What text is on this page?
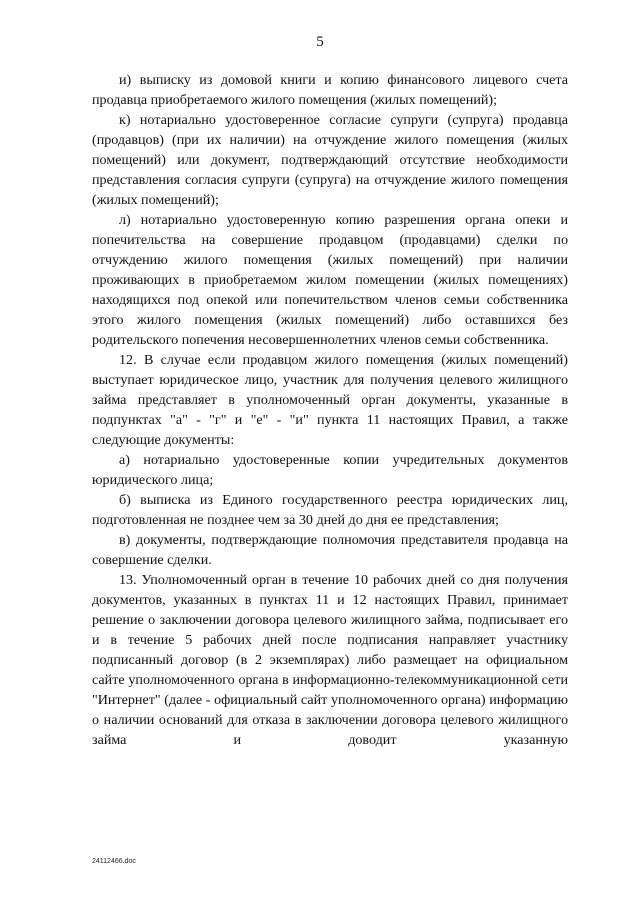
5

и) выписку из домовой книги и копию финансового лицевого счета продавца приобретаемого жилого помещения (жилых помещений);

к) нотариально удостоверенное согласие супруги (супруга) продавца (продавцов) (при их наличии) на отчуждение жилого помещения (жилых помещений) или документ, подтверждающий отсутствие необходимости представления согласия супруги (супруга) на отчуждение жилого помещения (жилых помещений);

л) нотариально удостоверенную копию разрешения органа опеки и попечительства на совершение продавцом (продавцами) сделки по отчуждению жилого помещения (жилых помещений) при наличии проживающих в приобретаемом жилом помещении (жилых помещениях) находящихся под опекой или попечительством членов семьи собственника этого жилого помещения (жилых помещений) либо оставшихся без родительского попечения несовершеннолетних членов семьи собственника.

12. В случае если продавцом жилого помещения (жилых помещений) выступает юридическое лицо, участник для получения целевого жилищного займа представляет в уполномоченный орган документы, указанные в подпунктах "а" - "г" и "е" - "и" пункта 11 настоящих Правил, а также следующие документы:

а) нотариально удостоверенные копии учредительных документов юридического лица;

б) выписка из Единого государственного реестра юридических лиц, подготовленная не позднее чем за 30 дней до дня ее представления;

в) документы, подтверждающие полномочия представителя продавца на совершение сделки.

13. Уполномоченный орган в течение 10 рабочих дней со дня получения документов, указанных в пунктах 11 и 12 настоящих Правил, принимает решение о заключении договора целевого жилищного займа, подписывает его и в течение 5 рабочих дней после подписания направляет участнику подписанный договор (в 2 экземплярах) либо размещает на официальном сайте уполномоченного органа в информационно-телекоммуникационной сети "Интернет" (далее - официальный сайт уполномоченного органа) информацию о наличии оснований для отказа в заключении договора целевого жилищного займа и доводит указанную

24112466.doc
